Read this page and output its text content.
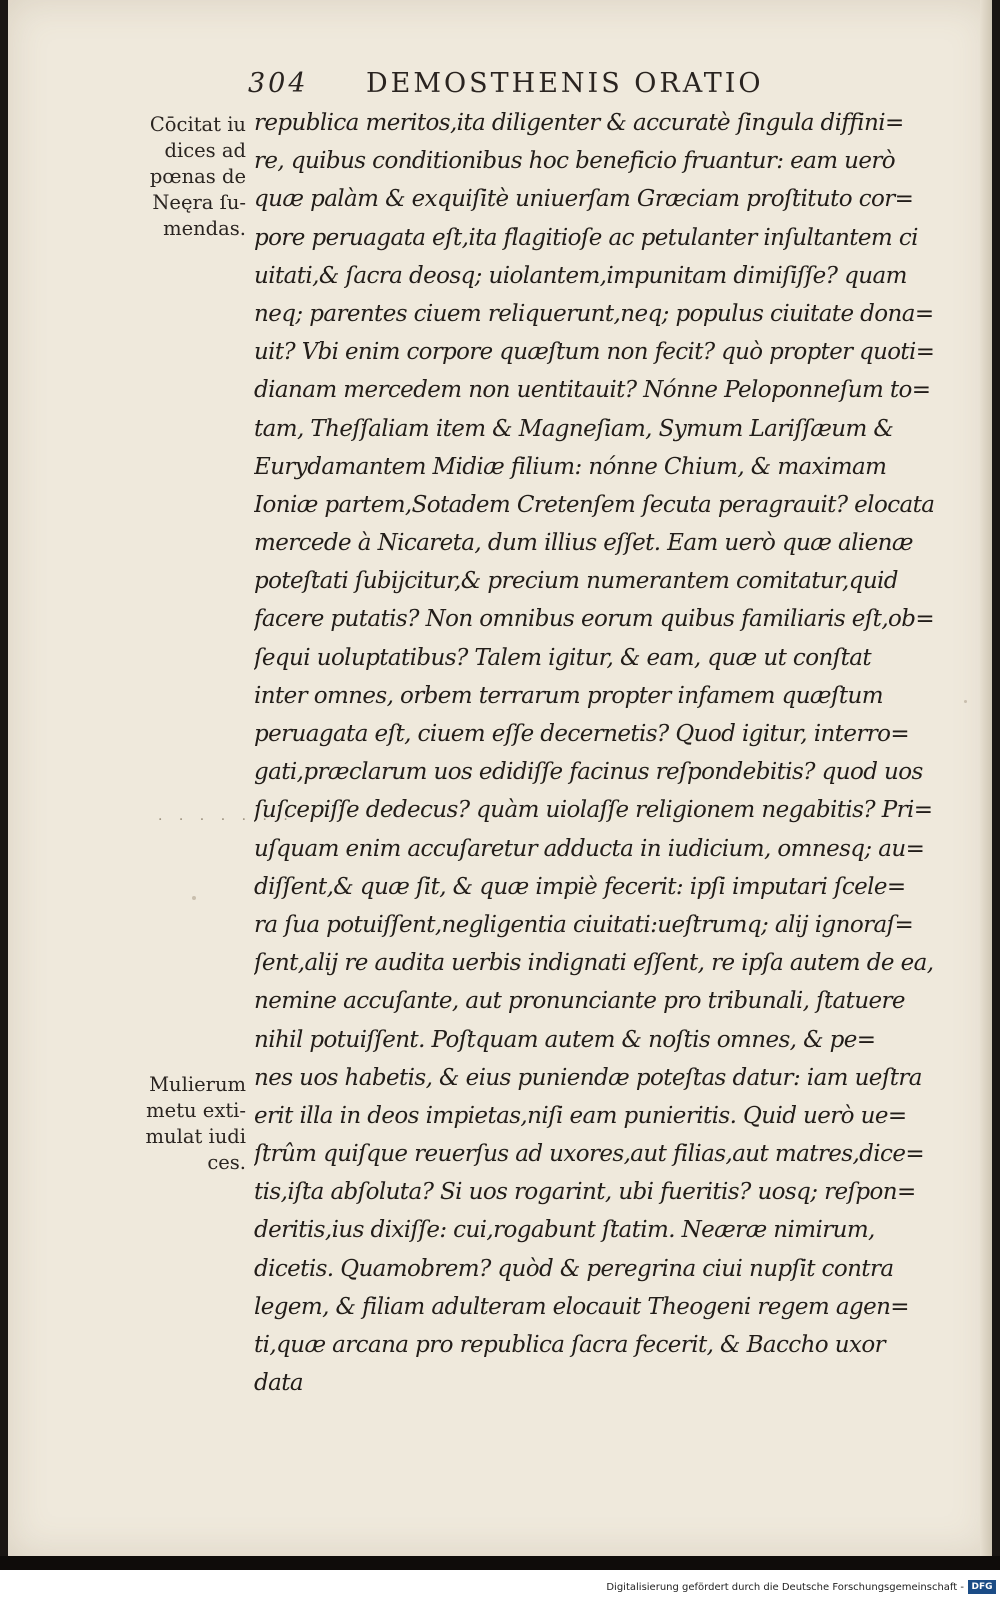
304 DEMOSTHENIS ORATIO
Cōcitat iu
dices ad
pœnas de
Neęra ſu-
mendas.
Mulierum
metu exti-
mulat iudi
ces.
· · · · · · ·
republica meritos,ita diligenter & accuratè ſingula diffini=
re, quibus conditionibus hoc beneficio fruantur: eam uerò
quæ palàm & exquiſitè uniuerſam Græciam proſtituto cor=
pore peruagata eſt,ita flagitioſe ac petulanter inſultantem ci
uitati,& ſacra deosq; uiolantem,impunitam dimiſiſſe? quam
neq; parentes ciuem reliquerunt,neq; populus ciuitate dona=
uit? Vbi enim corpore quæſtum non fecit? quò propter quoti=
dianam mercedem non uentitauit? Nónne Peloponneſum to=
tam, Theſſaliam item & Magneſiam, Symum Lariſſæum &
Eurydamantem Midiæ filium: nónne Chium, & maximam
Ioniæ partem,Sotadem Cretenſem ſecuta peragrauit? elocata
mercede à Nicareta, dum illius eſſet. Eam uerò quæ alienæ
poteſtati ſubijcitur,& precium numerantem comitatur,quid
facere putatis? Non omnibus eorum quibus familiaris eſt,ob=
ſequi uoluptatibus? Talem igitur, & eam, quæ ut conſtat
inter omnes, orbem terrarum propter infamem quæſtum
peruagata eſt, ciuem eſſe decernetis? Quod igitur, interro=
gati,præclarum uos edidiſſe facinus reſpondebitis? quod uos
ſuſcepiſſe dedecus? quàm uiolaſſe religionem negabitis? Pri=
uſquam enim accuſaretur adducta in iudicium, omnesq; au=
diſſent,& quæ ſit, & quæ impiè fecerit: ipſi imputari ſcele=
ra ſua potuiſſent,negligentia ciuitati:ueſtrumq; alij ignoraſ=
ſent,alij re audita uerbis indignati eſſent, re ipſa autem de ea,
nemine accuſante, aut pronunciante pro tribunali, ſtatuere
nihil potuiſſent. Poſtquam autem & noſtis omnes, & pe=
nes uos habetis, & eius puniendæ poteſtas datur: iam ueſtra
erit illa in deos impietas,niſi eam punieritis. Quid uerò ue=
ſtrûm quiſque reuerſus ad uxores,aut filias,aut matres,dice=
tis,iſta abſoluta? Si uos rogarint, ubi fueritis? uosq; reſpon=
deritis,ius dixiſſe: cui,rogabunt ſtatim. Neæræ nimirum,
dicetis. Quamobrem? quòd & peregrina ciui nupſit contra
legem, & filiam adulteram elocauit Theogeni regem agen=
ti,quæ arcana pro republica ſacra fecerit, & Baccho uxor
data
Digitalisierung gefördert durch die Deutsche Forschungsgemeinschaft - DFG
